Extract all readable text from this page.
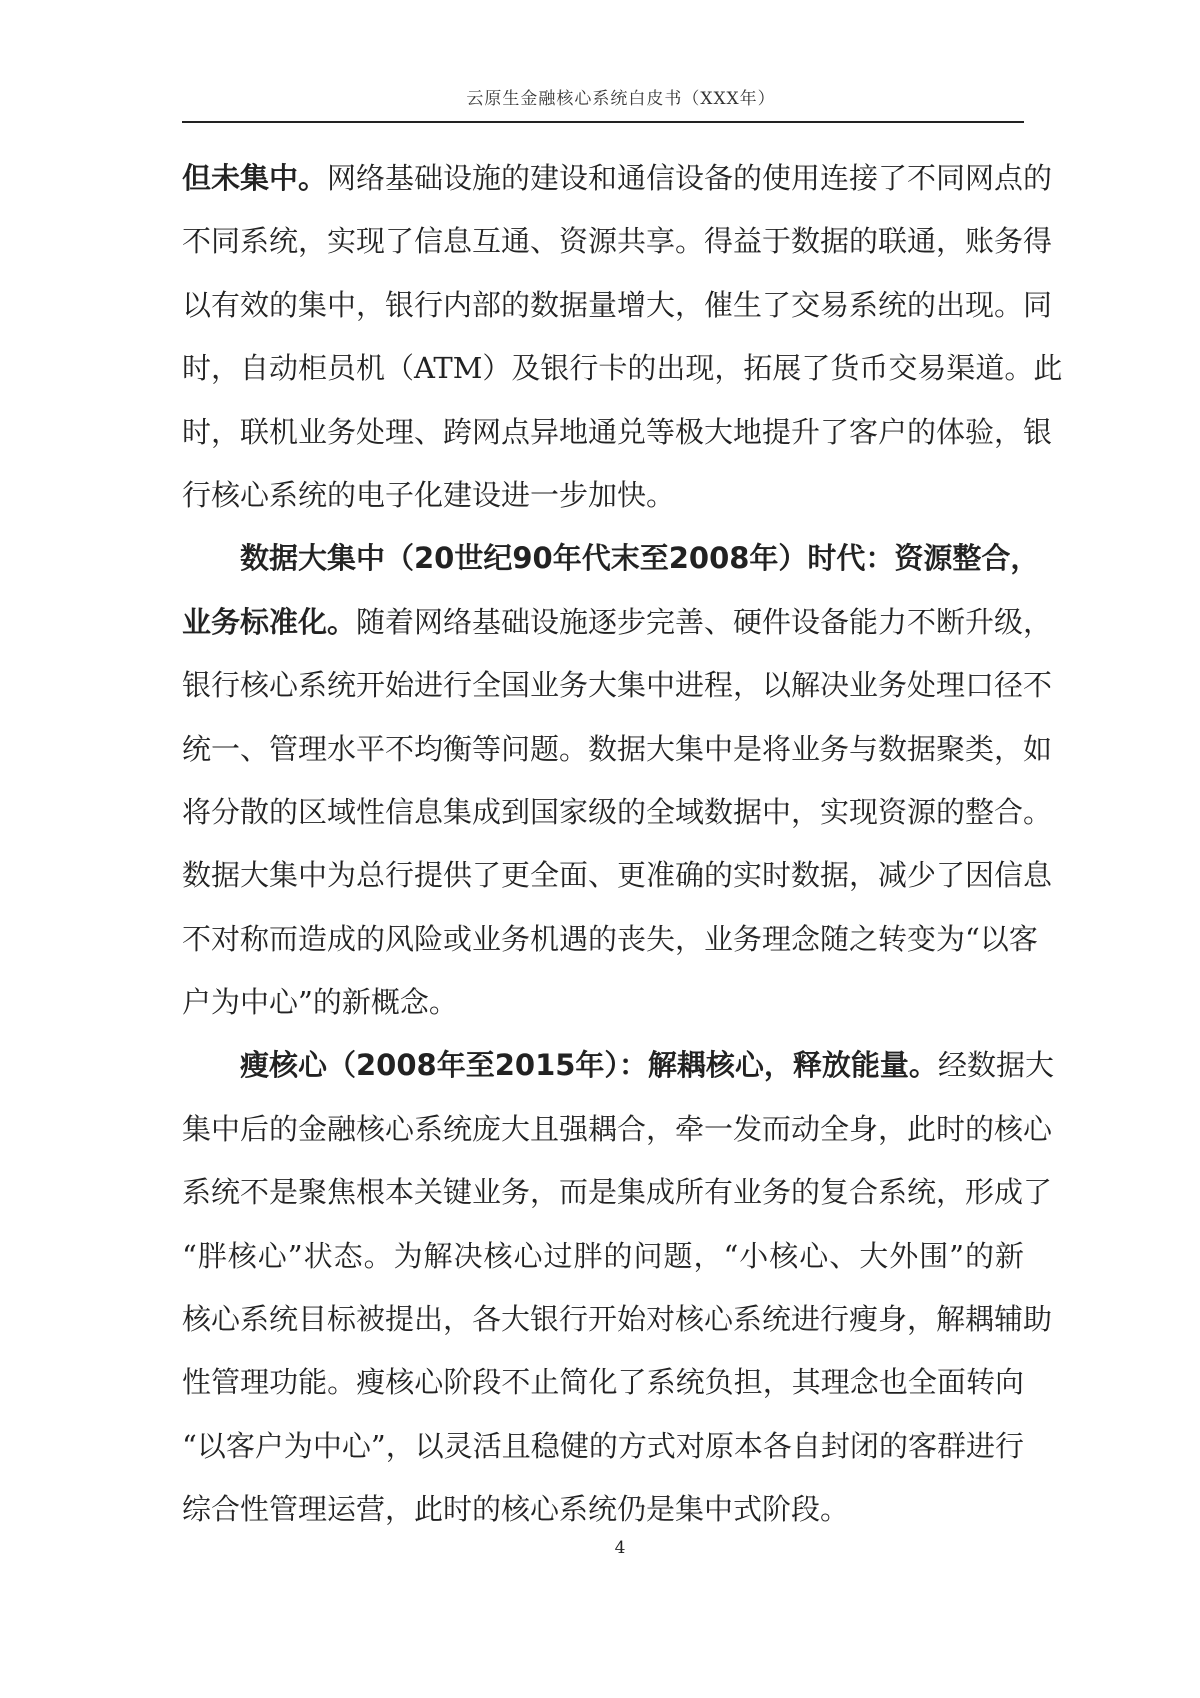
云原生金融核心系统白皮书（XXX年）
但未集中。网络基础设施的建设和通信设备的使用连接了不同网点的
不同系统，实现了信息互通、资源共享。得益于数据的联通，账务得
以有效的集中，银行内部的数据量增大，催生了交易系统的出现。同
时，自动柜员机（ATM）及银行卡的出现，拓展了货币交易渠道。此
时，联机业务处理、跨网点异地通兑等极大地提升了客户的体验，银
行核心系统的电子化建设进一步加快。
数据大集中（20世纪90年代末至2008年）时代：资源整合，
业务标准化。随着网络基础设施逐步完善、硬件设备能力不断升级，
银行核心系统开始进行全国业务大集中进程，以解决业务处理口径不
统一、管理水平不均衡等问题。数据大集中是将业务与数据聚类，如
将分散的区域性信息集成到国家级的全域数据中，实现资源的整合。
数据大集中为总行提供了更全面、更准确的实时数据，减少了因信息
不对称而造成的风险或业务机遇的丧失，业务理念随之转变为“以客
户为中心”的新概念。
瘦核心（2008年至2015年）：解耦核心，释放能量。经数据大
集中后的金融核心系统庞大且强耦合，牵一发而动全身，此时的核心
系统不是聚焦根本关键业务，而是集成所有业务的复合系统，形成了
“胖核心”状态。为解决核心过胖的问题，“小核心、大外围”的新
核心系统目标被提出，各大银行开始对核心系统进行瘦身，解耦辅助
性管理功能。瘦核心阶段不止简化了系统负担，其理念也全面转向
“以客户为中心”，以灵活且稳健的方式对原本各自封闭的客群进行
综合性管理运营，此时的核心系统仍是集中式阶段。
4
